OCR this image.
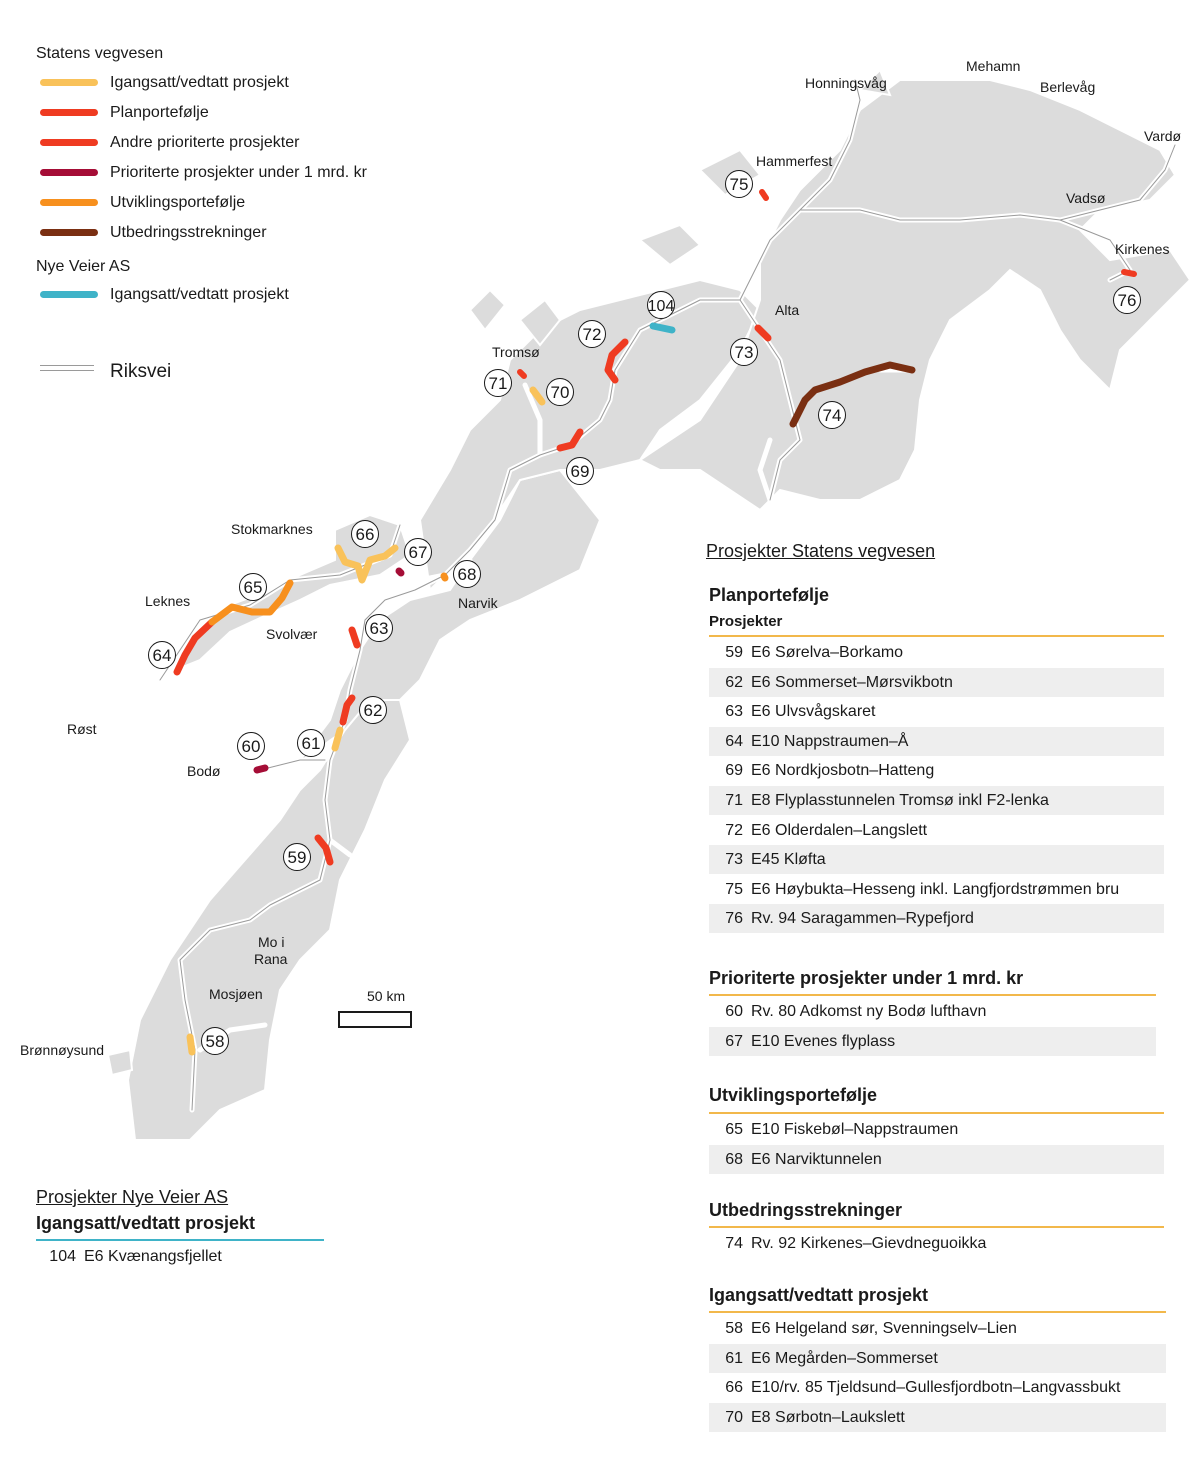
50 km
Honningsvåg
Mehamn
Berlevåg
Vardø
Hammerfest
Vadsø
Kirkenes
Alta
Tromsø
Stokmarknes
Narvik
Leknes
Svolvær
Røst
Bodø
Mo i
Rana
Mosjøen
Brønnøysund
104
75
76
72
73
74
71	70
69
66
67
68
65
64
63
62
61
60
59
58
Statens vegvesen
Igangsatt/vedtatt prosjekt
Planportefølje
Andre prioriterte prosjekter
Prioriterte prosjekter under 1 mrd. kr
Utviklingsportefølje
Utbedringsstrekninger
Nye Veier AS
Igangsatt/vedtatt prosjekt
Riksvei
Prosjekter Nye Veier AS
Igangsatt/vedtatt prosjekt
104 E6 Kvænangsfjellet
Prosjekter Statens vegvesen
Planportefølje
Prosjekter
59 E6 Sørelva–Borkamo
62 E6 Sommerset–Mørsvikbotn
63 E6 Ulvsvågskaret
64 E10 Nappstraumen–Å
69 E6 Nordkjosbotn–Hatteng
71 E8 Flyplasstunnelen Tromsø inkl F2-lenka
72 E6 Olderdalen–Langslett
73 E45 Kløfta
75 E6 Høybukta–Hesseng inkl. Langfjordstrømmen bru
76 Rv. 94 Saragammen–Rypefjord
Prioriterte prosjekter under 1 mrd. kr
60 Rv. 80 Adkomst ny Bodø lufthavn
67 E10 Evenes flyplass
Utviklingsportefølje
65 E10 Fiskebøl–Nappstraumen
68 E6 Narviktunnelen
Utbedringsstrekninger
74 Rv. 92 Kirkenes–Gievdneguoikka
Igangsatt/vedtatt prosjekt
58 E6 Helgeland sør, Svenningselv–Lien
61 E6 Megården–Sommerset
66 E10/rv. 85 Tjeldsund–Gullesfjordbotn–Langvassbukt
70 E8 Sørbotn–Laukslett
